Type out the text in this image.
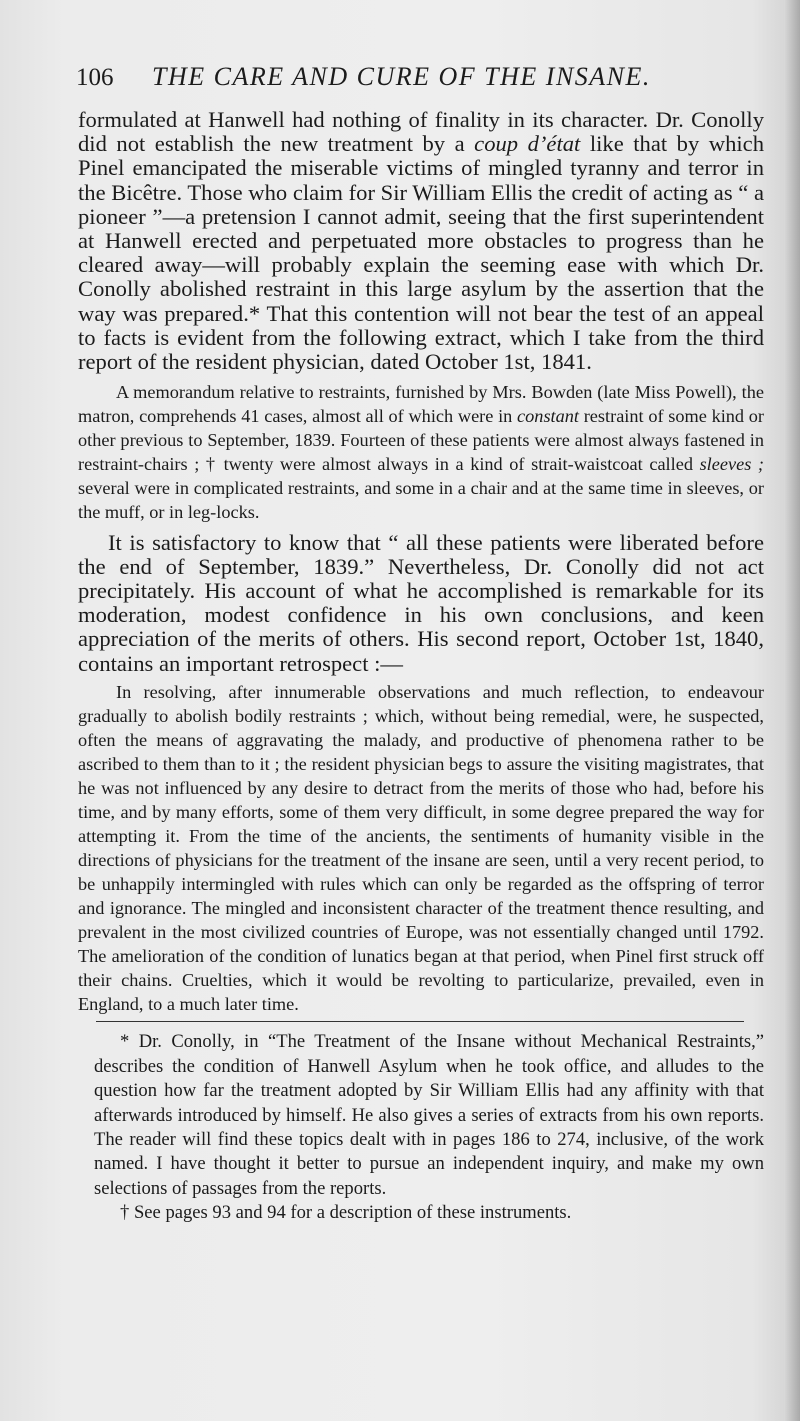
106 THE CARE AND CURE OF THE INSANE.

formulated at Hanwell had nothing of finality in its character. Dr. Conolly did not establish the new treatment by a coup d’état like that by which Pinel emancipated the miserable victims of mingled tyranny and terror in the Bicêtre. Those who claim for Sir William Ellis the credit of acting as “ a pioneer ”—a pretension I cannot admit, seeing that the first superintendent at Hanwell erected and perpetuated more obstacles to progress than he cleared away—will probably explain the seeming ease with which Dr. Conolly abolished restraint in this large asylum by the assertion that the way was prepared.* That this contention will not bear the test of an appeal to facts is evident from the following extract, which I take from the third report of the resident physician, dated October 1st, 1841.

A memorandum relative to restraints, furnished by Mrs. Bowden (late Miss Powell), the matron, comprehends 41 cases, almost all of which were in constant restraint of some kind or other previous to September, 1839. Fourteen of these patients were almost always fastened in restraint-chairs ; † twenty were almost always in a kind of strait-waistcoat called sleeves ; several were in complicated restraints, and some in a chair and at the same time in sleeves, or the muff, or in leg-locks.

It is satisfactory to know that “ all these patients were liberated before the end of September, 1839.” Nevertheless, Dr. Conolly did not act precipitately. His account of what he accomplished is remarkable for its moderation, modest confidence in his own conclusions, and keen appreciation of the merits of others. His second report, October 1st, 1840, contains an important retrospect :—

In resolving, after innumerable observations and much reflection, to endeavour gradually to abolish bodily restraints ; which, without being remedial, were, he suspected, often the means of aggravating the malady, and productive of phenomena rather to be ascribed to them than to it ; the resident physician begs to assure the visiting magistrates, that he was not influenced by any desire to detract from the merits of those who had, before his time, and by many efforts, some of them very difficult, in some degree prepared the way for attempting it. From the time of the ancients, the sentiments of humanity visible in the directions of physicians for the treatment of the insane are seen, until a very recent period, to be unhappily intermingled with rules which can only be regarded as the offspring of terror and ignorance. The mingled and inconsistent character of the treatment thence resulting, and prevalent in the most civilized countries of Europe, was not essentially changed until 1792. The amelioration of the condition of lunatics began at that period, when Pinel first struck off their chains. Cruelties, which it would be revolting to particularize, prevailed, even in England, to a much later time.

* Dr. Conolly, in “The Treatment of the Insane without Mechanical Restraints,” describes the condition of Hanwell Asylum when he took office, and alludes to the question how far the treatment adopted by Sir William Ellis had any affinity with that afterwards introduced by himself. He also gives a series of extracts from his own reports. The reader will find these topics dealt with in pages 186 to 274, inclusive, of the work named. I have thought it better to pursue an independent inquiry, and make my own selections of passages from the reports.

† See pages 93 and 94 for a description of these instruments.
